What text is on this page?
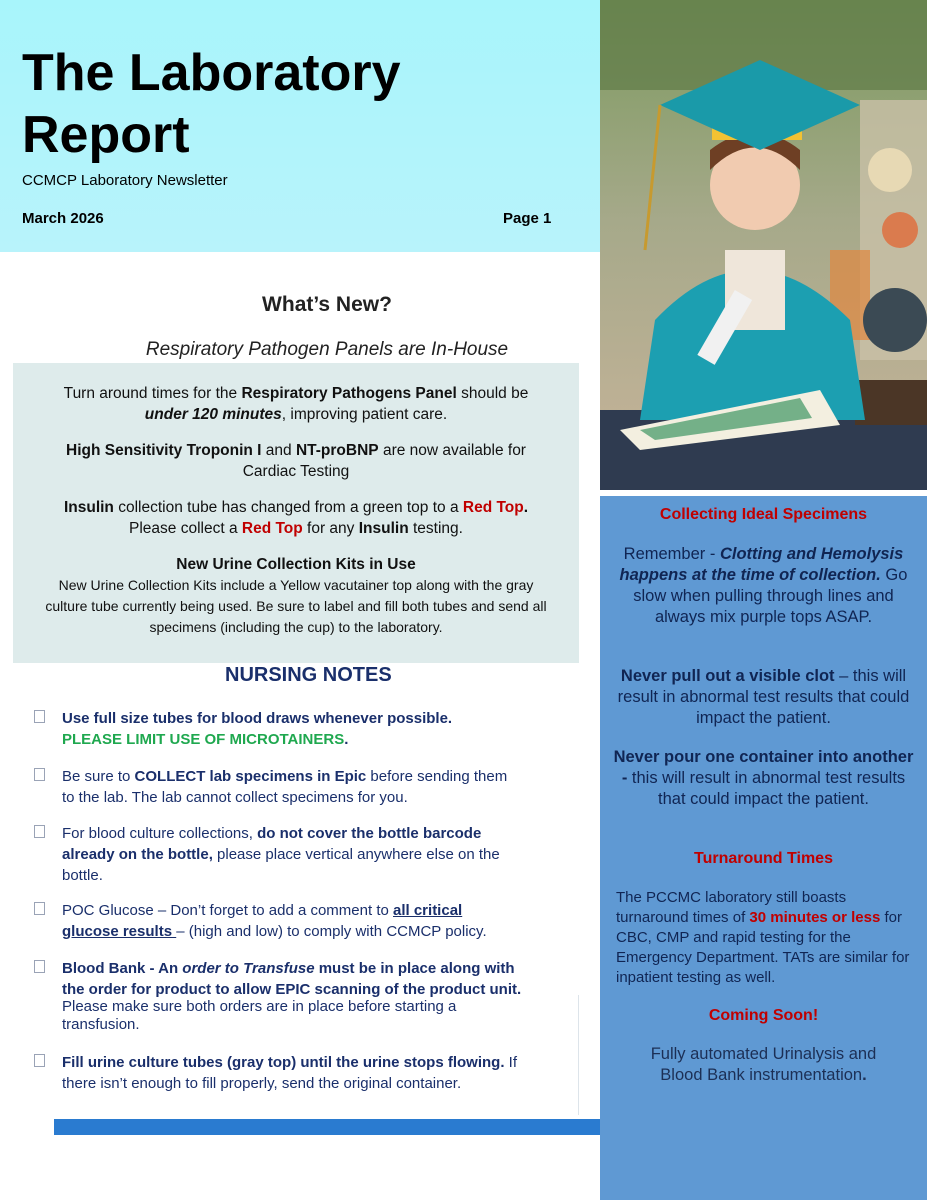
The Laboratory
Report
CCMCP Laboratory Newsletter
March 2026	Page 1
What’s New?
Respiratory Pathogen Panels are In-House

Turn around times for the Respiratory Pathogens Panel should be
under 120 minutes, improving patient care.

High Sensitivity Troponin I and NT-proBNP are now available for
Cardiac Testing

Insulin collection tube has changed from a green top to a Red Top.
Please collect a Red Top for any Insulin testing.

New Urine Collection Kits in Use
New Urine Collection Kits include a Yellow vacutainer top along with the gray
culture tube currently being used. Be sure to label and fill both tubes and send all
specimens (including the cup) to the laboratory.

NURSING NOTES
Use full size tubes for blood draws whenever possible.
PLEASE LIMIT USE OF MICROTAINERS.
Be sure to COLLECT lab specimens in Epic before sending them
to the lab. The lab cannot collect specimens for you.
For blood culture collections, do not cover the bottle barcode
already on the bottle, please place vertical anywhere else on the
bottle.
POC Glucose – Don’t forget to add a comment to all critical
glucose results – (high and low) to comply with CCMCP policy.
Blood Bank - An order to Transfuse must be in place along with
the order for product to allow EPIC scanning of the product unit.

Please make sure both orders are in place before starting a
transfusion.
Fill urine culture tubes (gray top) until the urine stops flowing. If
there isn’t enough to fill properly, send the original container.
Collecting Ideal Specimens
Remember - Clotting and Hemolysis happens at the time of collection. Go slow when pulling through lines and always mix purple tops ASAP.
Never pull out a visible clot – this will result in abnormal test results that could impact the patient.
Never pour one container into another - this will result in abnormal test results that could impact the patient.
Turnaround Times
The PCCMC laboratory still boasts turnaround times of 30 minutes or less for CBC, CMP and rapid testing for the Emergency Department. TATs are similar for inpatient testing as well.
Coming Soon!
Fully automated Urinalysis and Blood Bank instrumentation.
